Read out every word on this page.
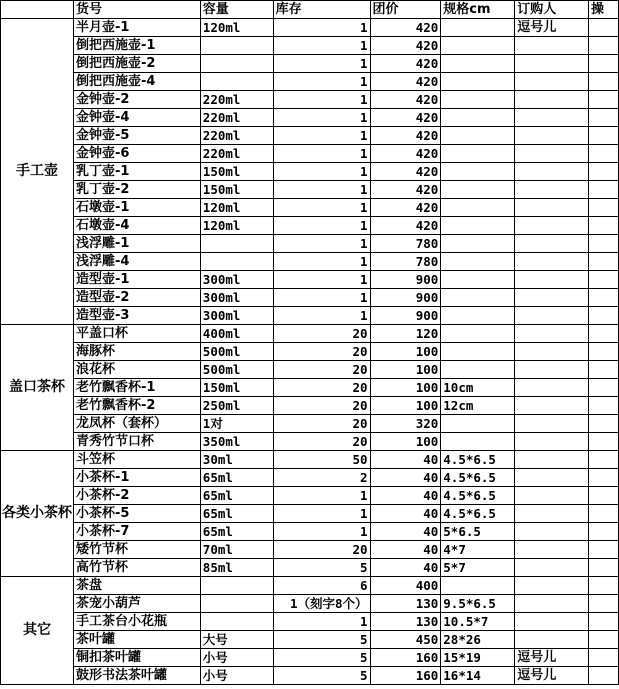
	货号	容量	库存	团价	规格cm	订购人	操
手工壶	半月壶-1	120ml	1	420		逗号儿	
	倒把西施壶-1		1	420			
	倒把西施壶-2		1	420			
	倒把西施壶-4		1	420			
	金钟壶-2	220ml	1	420			
	金钟壶-4	220ml	1	420			
	金钟壶-5	220ml	1	420			
	金钟壶-6	220ml	1	420			
	乳丁壶-1	150ml	1	420			
	乳丁壶-2	150ml	1	420			
	石墩壶-1	120ml	1	420			
	石墩壶-4	120ml	1	420			
	浅浮雕-1		1	780			
	浅浮雕-4		1	780			
	造型壶-1	300ml	1	900			
	造型壶-2	300ml	1	900			
	造型壶-3	300ml	1	900			
盖口茶杯	平盖口杯	400ml	20	120			
	海豚杯	500ml	20	100			
	浪花杯	500ml	20	100			
	老竹飘香杯-1	150ml	20	100	10cm		
	老竹飘香杯-2	250ml	20	100	12cm		
	龙凤杯（套杯）	1对	20	320			
	青秀竹节口杯	350ml	20	100			
各类小茶杯	斗笠杯	30ml	50	40	4.5*6.5		
	小茶杯-1	65ml	2	40	4.5*6.5		
	小茶杯-2	65ml	1	40	4.5*6.5		
	小茶杯-5	65ml	1	40	4.5*6.5		
	小茶杯-7	65ml	1	40	5*6.5		
	矮竹节杯	70ml	20	40	4*7		
	高竹节杯	85ml	5	40	5*7		
其它	茶盘		6	400			
	茶宠小葫芦		1（刻字8个）	130	9.5*6.5		
	手工茶台小花瓶		1	130	10.5*7		
	茶叶罐	大号	5	450	28*26		
	铜扣茶叶罐	小号	5	160	15*19	逗号儿	
	鼓形书法茶叶罐	小号	5	160	16*14	逗号儿	
